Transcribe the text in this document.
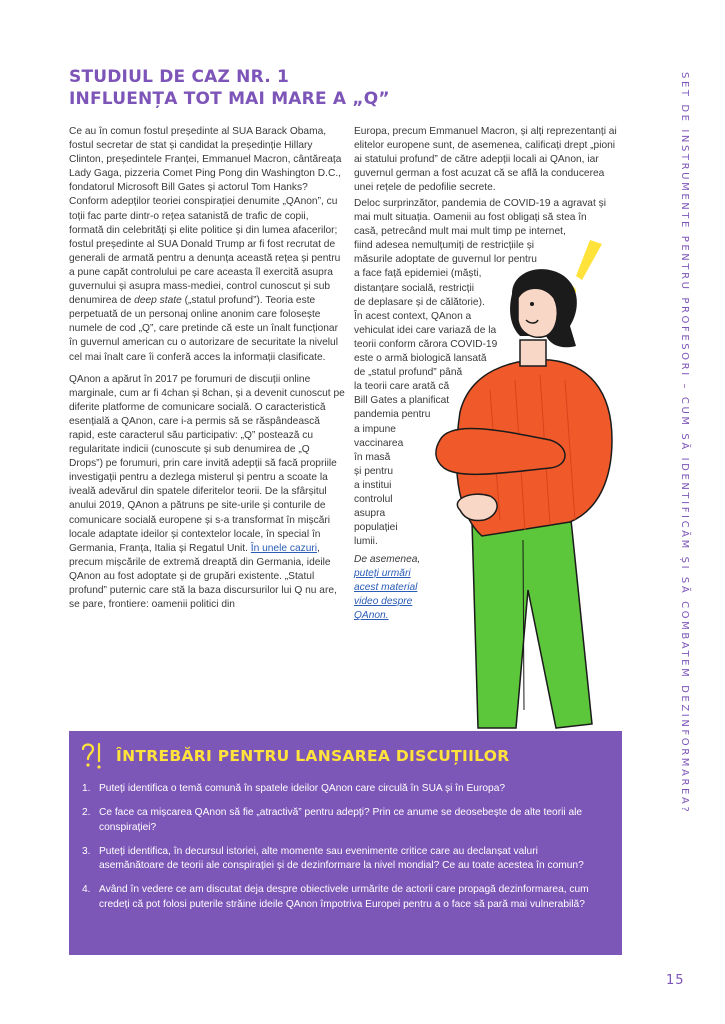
STUDIUL DE CAZ NR. 1
INFLUENȚA TOT MAI MARE A „Q”	SET DE INSTRUMENTE PENTRU PROFESORI – CUM SĂ IDENTIFICĂM ȘI SĂ COMBATEM DEZINFORMAREA?

Ce au în comun fostul președinte al SUA Barack Obama, fostul secretar de stat și candidat la președinție Hillary Clinton, președintele Franței, Emmanuel Macron, cântăreața Lady Gaga, pizzeria Comet Ping Pong din Washington D.C., fondatorul Microsoft Bill Gates și actorul Tom Hanks? Conform adepților teoriei conspirației denumite „QAnon”, cu toții fac parte dintr-o rețea satanistă de trafic de copii, formată din celebrități și elite politice și din lumea afacerilor; fostul președinte al SUA Donald Trump ar fi fost recrutat de generali de armată pentru a denunța această rețea și pentru a pune capăt controlului pe care aceasta îl exercită asupra guvernului și asupra mass-mediei, control cunoscut și sub denumirea de deep state („statul profund”). Teoria este perpetuată de un personaj online anonim care folosește numele de cod „Q”, care pretinde că este un înalt funcționar în guvernul american cu o autorizare de securitate la nivelul cel mai înalt care îi conferă acces la informații clasificate.

QAnon a apărut în 2017 pe forumuri de discuții online marginale, cum ar fi 4chan și 8chan, și a devenit cunoscut pe diferite platforme de comunicare socială. O caracteristică esențială a QAnon, care i-a permis să se răspândească rapid, este caracterul său participativ: „Q” postează cu regularitate indicii (cunoscute și sub denumirea de „Q Drops”) pe forumuri, prin care invită adepții să facă propriile investigații pentru a dezlega misterul și pentru a scoate la iveală adevărul din spatele diferitelor teorii. De la sfârșitul anului 2019, QAnon a pătruns pe site-urile și conturile de comunicare socială europene și s-a transformat în mișcări locale adaptate ideilor și contextelor locale, în special în Germania, Franța, Italia și Regatul Unit. În unele cazuri, precum mișcările de extremă dreaptă din Germania, ideile QAnon au fost adoptate și de grupări existente. „Statul profund” puternic care stă la baza discursurilor lui Q nu are, se pare, frontiere: oamenii politici din

Europa, precum Emmanuel Macron, și alți reprezentanți ai elitelor europene sunt, de asemenea, calificați drept „pioni ai statului profund” de către adepții locali ai QAnon, iar guvernul german a fost acuzat că se află la conducerea unei rețele de pedofilie secrete.

Deloc surprinzător, pandemia de COVID-19 a agravat și
mai mult situația. Oamenii au fost obligați să stea în
casă, petrecând mult mai mult timp pe internet,
fiind adesea nemulțumiți de restricțiile și
măsurile adoptate de guvernul lor pentru
a face față epidemiei (măști,
distanțare socială, restricții
de deplasare și de călătorie).
În acest context, QAnon a
vehiculat idei care variază de la
teorii conform cărora COVID-19
este o armă biologică lansată
de „statul profund” până
la teorii care arată că
Bill Gates a planificat
pandemia pentru
a impune
vaccinarea
în masă
și pentru
a institui
controlul
asupra
populației
lumii.
De asemenea,
puteți urmări
acest material
video despre
QAnon.
ÎNTREBĂRI PENTRU LANSAREA DISCUȚIILOR
1. Puteți identifica o temă comună în spatele ideilor QAnon care circulă în SUA și în Europa?
2. Ce face ca mișcarea QAnon să fie „atractivă” pentru adepți? Prin ce anume se deosebește de alte teorii ale conspirației?
3. Puteți identifica, în decursul istoriei, alte momente sau evenimente critice care au declanșat valuri asemănătoare de teorii ale conspirației și de dezinformare la nivel mondial? Ce au toate acestea în comun?
4. Având în vedere ce am discutat deja despre obiectivele urmărite de actorii care propagă dezinformarea, cum credeți că pot folosi puterile străine ideile QAnon împotriva Europei pentru a o face să pară mai vulnerabilă?
15
